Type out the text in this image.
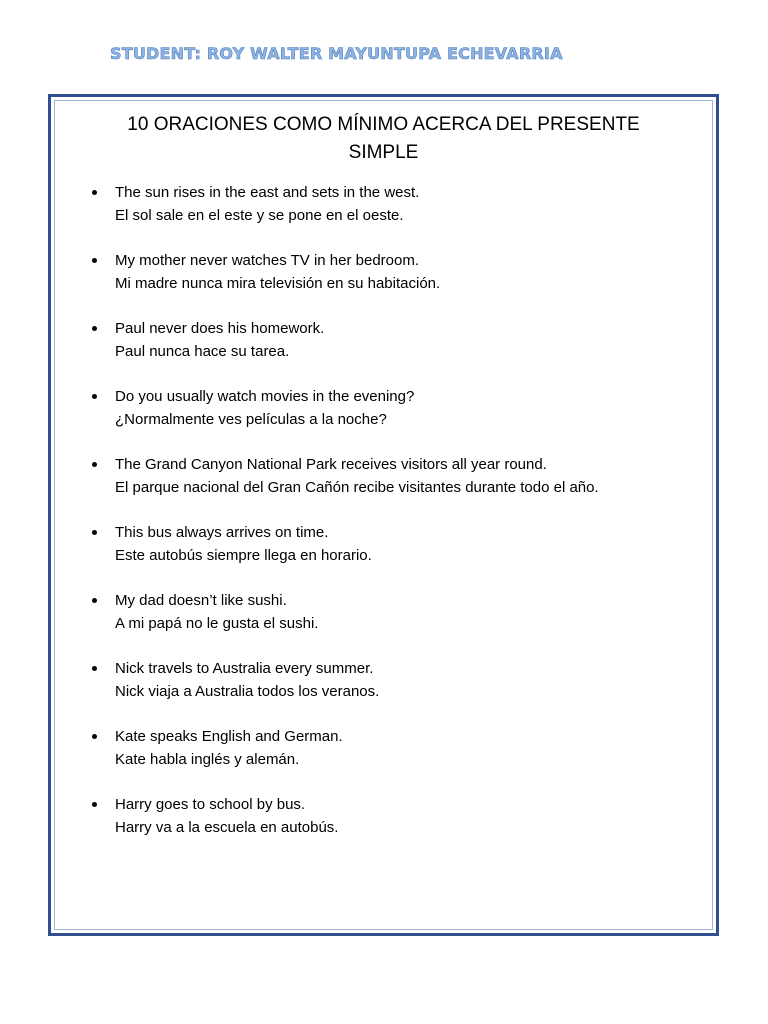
STUDENT: ROY WALTER MAYUNTUPA ECHEVARRIA
10 ORACIONES COMO MÍNIMO ACERCA DEL PRESENTE
SIMPLE
The sun rises in the east and sets in the west.
El sol sale en el este y se pone en el oeste.
My mother never watches TV in her bedroom.
Mi madre nunca mira televisión en su habitación.
Paul never does his homework.
Paul nunca hace su tarea.
Do you usually watch movies in the evening?
¿Normalmente ves películas a la noche?
The Grand Canyon National Park receives visitors all year round.
El parque nacional del Gran Cañón recibe visitantes durante todo el año.
This bus always arrives on time.
Este autobús siempre llega en horario.
My dad doesn’t like sushi.
A mi papá no le gusta el sushi.
Nick travels to Australia every summer.
Nick viaja a Australia todos los veranos.
Kate speaks English and German.
Kate habla inglés y alemán.
Harry goes to school by bus.
Harry va a la escuela en autobús.
